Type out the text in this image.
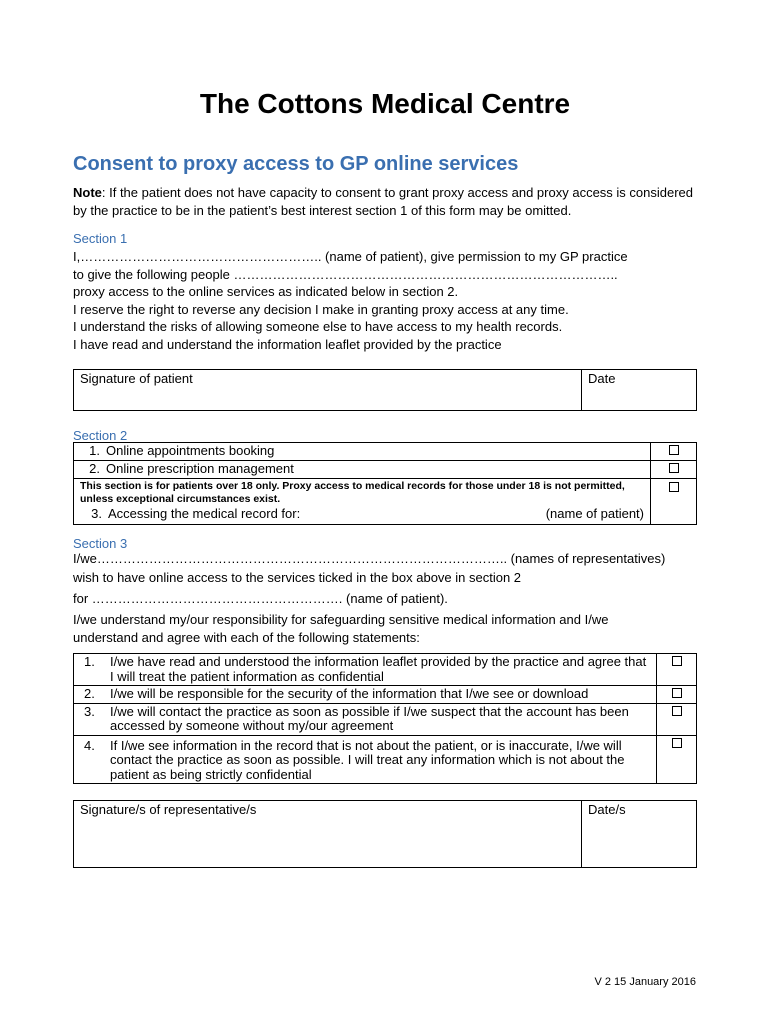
The Cottons Medical Centre
Consent to proxy access to GP online services
Note: If the patient does not have capacity to consent to grant proxy access and proxy access is considered by the practice to be in the patient’s best interest section 1 of this form may be omitted.
Section 1
I,……………………………………………….. (name of patient), give permission to my GP practice
to give the following people ……………………………………………………………………………..
proxy access to the online services as indicated below in section 2.
I reserve the right to reverse any decision I make in granting proxy access at any time.
I understand the risks of allowing someone else to have access to my health records.
I have read and understand the information leaflet provided by the practice
Signature of patient	Date
Section 2
1. Online appointments booking	
2. Online prescription management	

This section is for patients over 18 only. Proxy access to medical records for those under 18 is not permitted, unless exceptional circumstances exist.
3. Accessing the medical record for: (name of patient)	

Section 3
I/we………………………………………………………………………………….. (names of representatives)
wish to have online access to the services ticked in the box above in section 2
for …………………………………………………. (name of patient).
I/we understand my/our responsibility for safeguarding sensitive medical information and I/we understand and agree with each of the following statements:
1. I/we have read and understood the information leaflet provided by the practice and agree that I will treat the patient information as confidential	

2. I/we will be responsible for the security of the information that I/we see or download	

3. I/we will contact the practice as soon as possible if I/we suspect that the account has been accessed by someone without my/our agreement	

4. If I/we see information in the record that is not about the patient, or is inaccurate, I/we will contact the practice as soon as possible. I will treat any information which is not about the patient as being strictly confidential	

Signature/s of representative/s	Date/s
V 2 15 January 2016
